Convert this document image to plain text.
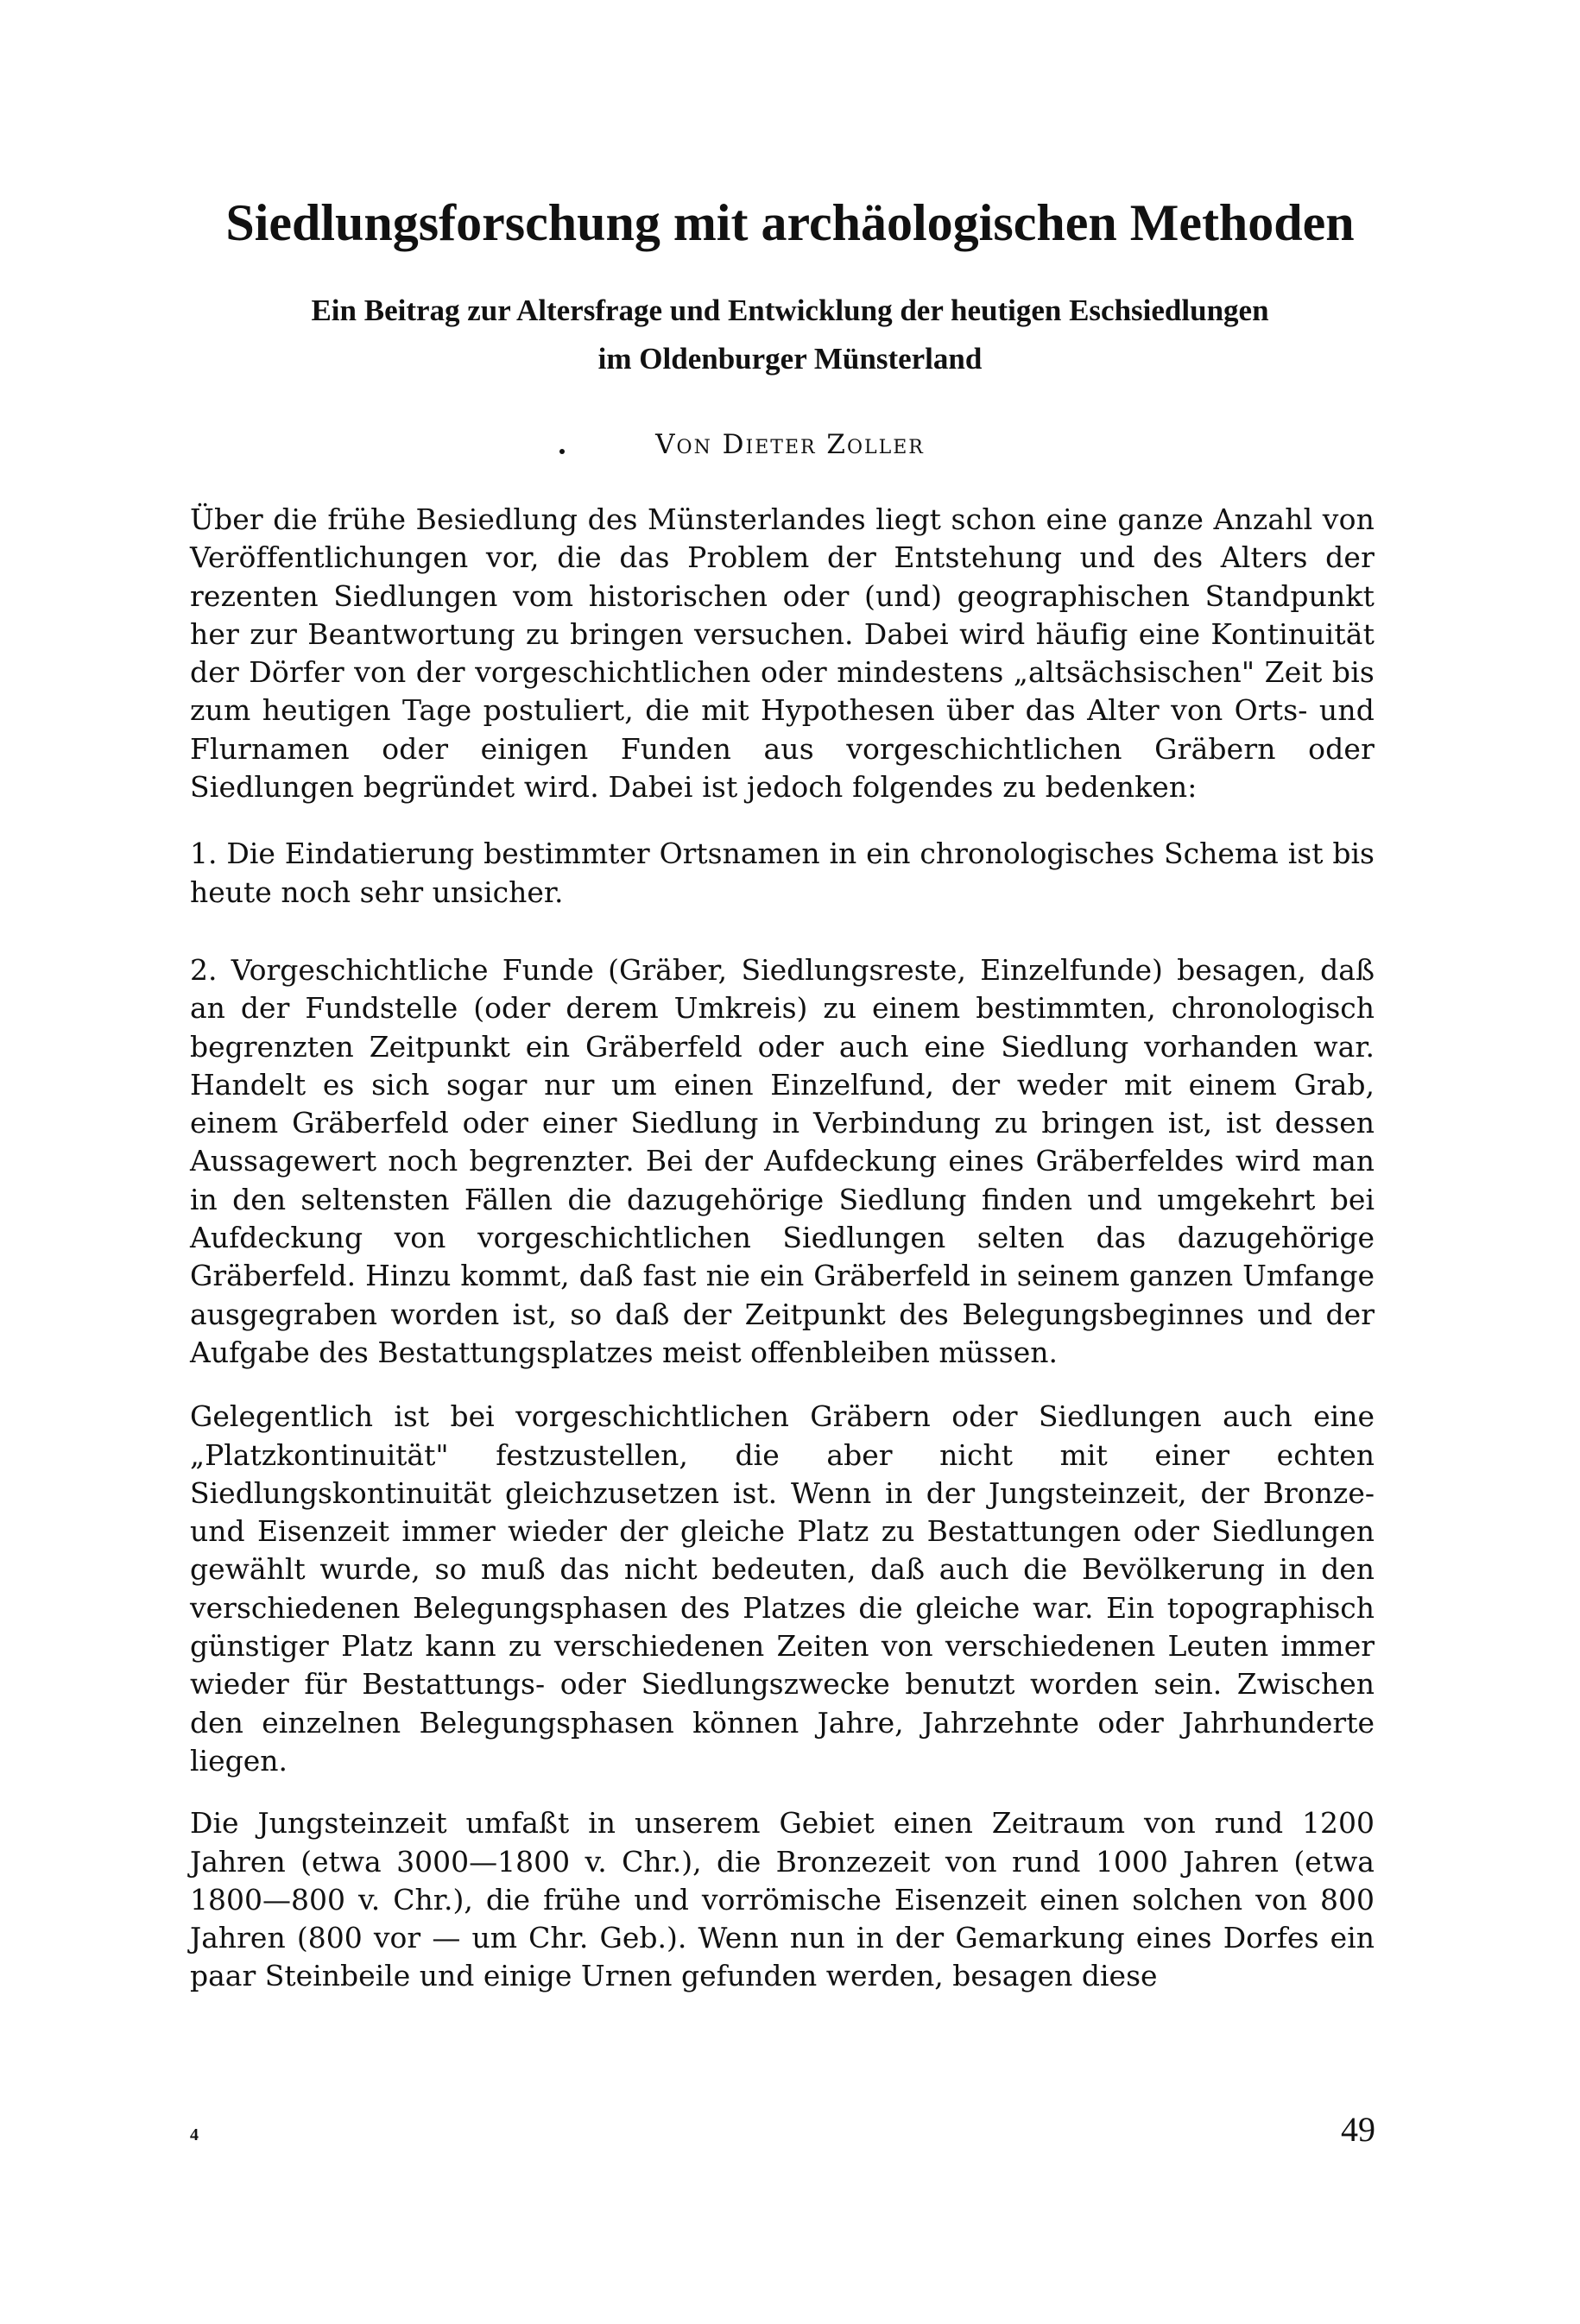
Siedlungsforschung mit archäologischen Methoden
Ein Beitrag zur Altersfrage und Entwicklung der heutigen Eschsiedlungen
im Oldenburger Münsterland
Von Dieter Zoller

Über die frühe Besiedlung des Münsterlandes liegt schon eine ganze Anzahl von Veröffentlichungen vor, die das Problem der Entstehung und des Alters der rezenten Siedlungen vom historischen oder (und) geographischen Standpunkt her zur Beantwortung zu bringen versuchen. Dabei wird häufig eine Kontinuität der Dörfer von der vorgeschichtlichen oder mindestens „altsächsischen" Zeit bis zum heutigen Tage postuliert, die mit Hypothesen über das Alter von Orts- und Flurnamen oder einigen Funden aus vorgeschichtlichen Gräbern oder Siedlungen begründet wird. Dabei ist jedoch folgendes zu bedenken:

1. Die Eindatierung bestimmter Ortsnamen in ein chronologisches Schema ist bis heute noch sehr unsicher.

2. Vorgeschichtliche Funde (Gräber, Siedlungsreste, Einzelfunde) besagen, daß an der Fundstelle (oder derem Umkreis) zu einem bestimmten, chronologisch begrenzten Zeitpunkt ein Gräberfeld oder auch eine Siedlung vorhanden war. Handelt es sich sogar nur um einen Einzelfund, der weder mit einem Grab, einem Gräberfeld oder einer Siedlung in Verbindung zu bringen ist, ist dessen Aussagewert noch begrenzter. Bei der Aufdeckung eines Gräberfeldes wird man in den seltensten Fällen die dazugehörige Siedlung finden und umgekehrt bei Aufdeckung von vorgeschichtlichen Siedlungen selten das dazugehörige Gräberfeld. Hinzu kommt, daß fast nie ein Gräberfeld in seinem ganzen Umfange ausgegraben worden ist, so daß der Zeitpunkt des Belegungsbeginnes und der Aufgabe des Bestattungsplatzes meist offenbleiben müssen.

Gelegentlich ist bei vorgeschichtlichen Gräbern oder Siedlungen auch eine „Platzkontinuität" festzustellen, die aber nicht mit einer echten Siedlungskontinuität gleichzusetzen ist. Wenn in der Jungsteinzeit, der Bronze- und Eisenzeit immer wieder der gleiche Platz zu Bestattungen oder Siedlungen gewählt wurde, so muß das nicht bedeuten, daß auch die Bevölkerung in den verschiedenen Belegungsphasen des Platzes die gleiche war. Ein topographisch günstiger Platz kann zu verschiedenen Zeiten von verschiedenen Leuten immer wieder für Bestattungs- oder Siedlungszwecke benutzt worden sein. Zwischen den einzelnen Belegungsphasen können Jahre, Jahrzehnte oder Jahrhunderte liegen.

Die Jungsteinzeit umfaßt in unserem Gebiet einen Zeitraum von rund 1200 Jahren (etwa 3000—1800 v. Chr.), die Bronzezeit von rund 1000 Jahren (etwa 1800—800 v. Chr.), die frühe und vorrömische Eisenzeit einen solchen von 800 Jahren (800 vor — um Chr. Geb.). Wenn nun in der Gemarkung eines Dorfes ein paar Steinbeile und einige Urnen gefunden werden, besagen diese

4	49
